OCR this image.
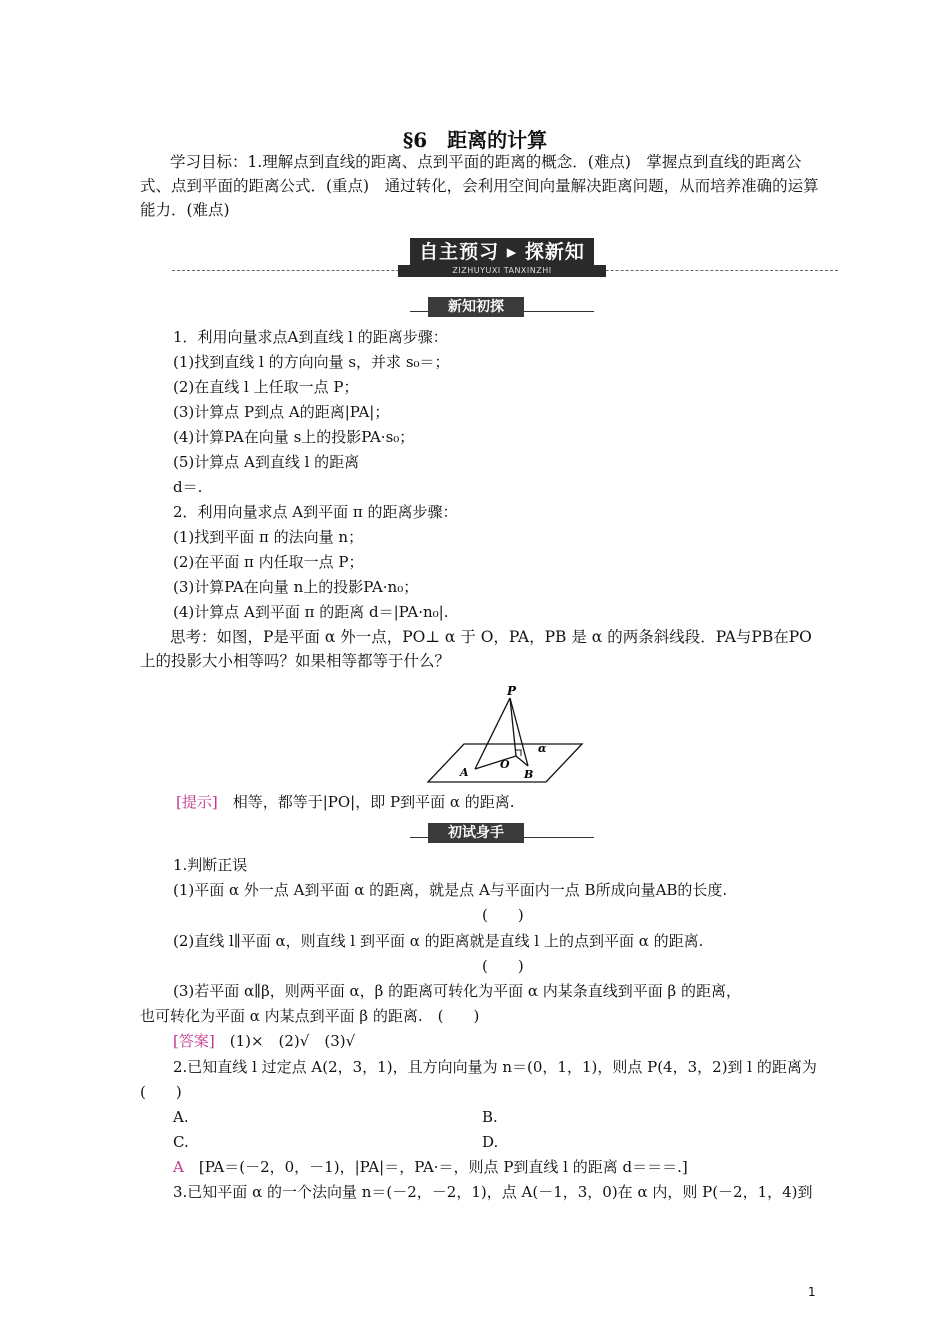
§6　距离的计算
学习目标：1.理解点到直线的距离、点到平面的距离的概念．(难点)　掌握点到直线的距离公式、点到平面的距离公式．(重点)　通过转化，会利用空间向量解决距离问题，从而培养准确的运算能力．(难点)
自主预习 ▸ 探新知
ZIZHUYUXI TANXINZHI
新知初探
1．利用向量求点A到直线 l 的距离步骤：
(1)找到直线 l 的方向向量 s，并求 s₀＝；
(2)在直线 l 上任取一点 P；
(3)计算点 P到点 A的距离|PA|；
(4)计算PA在向量 s上的投影PA·s₀；
(5)计算点 A到直线 l 的距离
d＝.
2．利用向量求点 A到平面 π 的距离步骤：
(1)找到平面 π 的法向量 n；
(2)在平面 π 内任取一点 P；
(3)计算PA在向量 n上的投影PA·n₀；
(4)计算点 A到平面 π 的距离 d＝|PA·n₀|.
思考：如图，P是平面 α 外一点，PO⊥ α 于 O，PA，PB 是 α 的两条斜线段．PA与PB在PO上的投影大小相等吗？如果相等都等于什么？
P
A
O
B
α
[提示]　相等，都等于|PO|，即 P到平面 α 的距离.
初试身手
1.判断正误
(1)平面 α 外一点 A到平面 α 的距离，就是点 A与平面内一点 B所成向量AB的长度.
(　　)
(2)直线 l∥平面 α，则直线 l 到平面 α 的距离就是直线 l 上的点到平面 α 的距离.
(　　)
(3)若平面 α∥β，则两平面 α，β 的距离可转化为平面 α 内某条直线到平面 β 的距离，
也可转化为平面 α 内某点到平面 β 的距离.　(　　)
[答案]　(1)×　(2)√　(3)√
2.已知直线 l 过定点 A(2，3，1)，且方向向量为 n＝(0，1，1)，则点 P(4，3，2)到 l 的距离为
(　　)
A.	B.
C.	D.
A　[PA＝(－2，0，－1)，|PA|＝，PA·＝，则点 P到直线 l 的距离 d＝＝＝.]
3.已知平面 α 的一个法向量 n＝(－2，－2，1)，点 A(－1，3，0)在 α 内，则 P(－2，1，4)到
1
